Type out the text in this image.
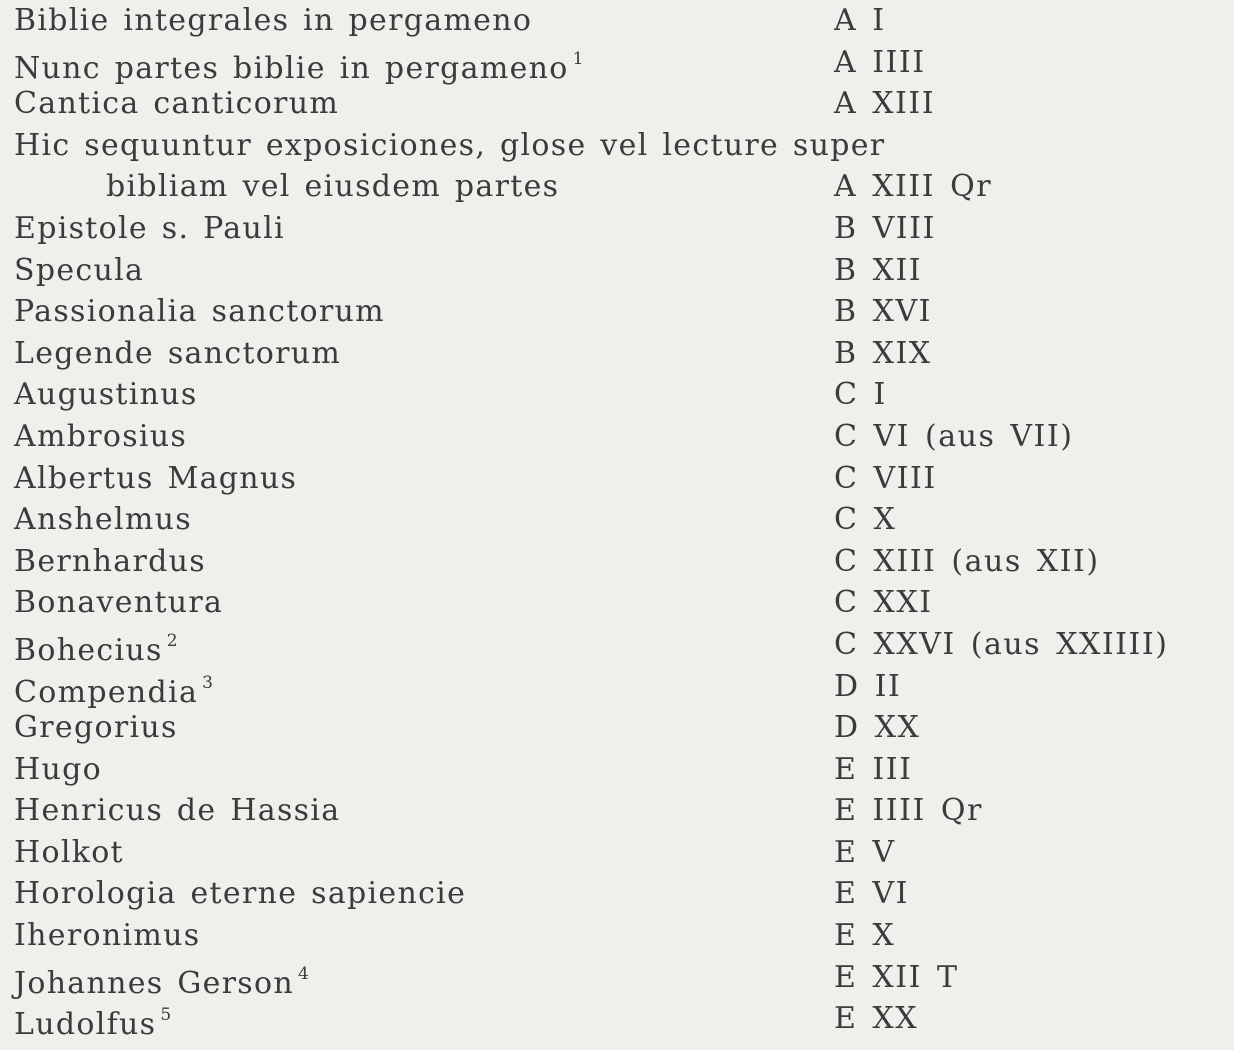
Biblie integrales in pergameno	A I
Nunc partes biblie in pergameno $^1$	A IIII
Cantica canticorum	A XIII
Hic sequuntur exposiciones, glose vel lecture super
bibliam vel eiusdem partes	A XIII Qr
Epistole s. Pauli	B VIII
Specula	B XII
Passionalia sanctorum	B XVI
Legende sanctorum	B XIX
Augustinus	C I
Ambrosius	C VI (aus VII)
Albertus Magnus	C VIII
Anshelmus	C X
Bernhardus	C XIII (aus XII)
Bonaventura	C XXI
Bohecius $^2$	C XXVI (aus XXIIII)
Compendia $^3$	D II
Gregorius	D XX
Hugo	E III
Henricus de Hassia	E IIII Qr
Holkot	E V
Horologia eterne sapiencie	E VI
Iheronimus	E X
Johannes Gerson $^4$	E XII T
Ludolfus $^5$	E XX
